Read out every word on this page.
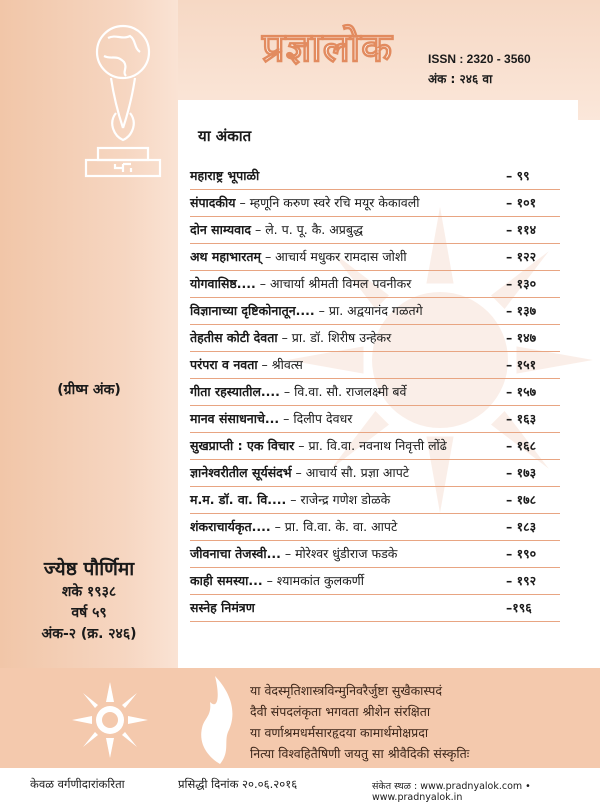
प्रज्ञालोक	ISSN : 2320 - 3560
अंक : २४६ वा
या अंकात
महाराष्ट्र भूपाळी	– ९९
संपादकीय – म्हणूनि करुण स्वरे रचि मयूर केकावली	– १०१
दोन साम्यवाद – ले. प. पू. कै. अप्रबुद्ध	– ११४
अथ महाभारतम् – आचार्य मधुकर रामदास जोशी	– १२२
योगवासिष्ठ.... – आचार्या श्रीमती विमल पवनीकर	– १३०
विज्ञानाच्या दृष्टिकोनातून.... – प्रा. अद्वयानंद गळतगे	– १३७
तेहतीस कोटी देवता – प्रा. डॉ. शिरीष उन्हेकर	– १४७
परंपरा व नवता – श्रीवत्स	– १५१
गीता रहस्यातील.... – वि.वा. सौ. राजलक्ष्मी बर्वे	– १५७
मानव संसाधनाचे... – दिलीप देवधर	– १६३
सुखप्राप्ती : एक विचार – प्रा. वि.वा. नवनाथ निवृत्ती लोंढे	– १६८
ज्ञानेश्वरीतील सूर्यसंदर्भ – आचार्य सौ. प्रज्ञा आपटे	– १७३
म.म. डॉ. वा. वि.... – राजेन्द्र गणेश डोळके	– १७८
शंकराचार्यकृत.... – प्रा. वि.वा. के. वा. आपटे	– १८३
जीवनाचा तेजस्वी... – मोरेश्वर धुंडीराज फडके	– १९०
काही समस्या... – श्यामकांत कुलकर्णी	– १९२
सस्नेह निमंत्रण	–१९६
(ग्रीष्म अंक)
ज्येष्ठ पौर्णिमा
शके १९३८
वर्ष ५९
अंक-२ (क्र. २४६)
या वेदस्मृतिशास्त्रविन्मुनिवरैर्जुष्टा सुखैकास्पदं
दैवी संपदलंकृता भगवता श्रीशेन संरक्षिता
या वर्णाश्रमधर्मसारहृदया कामार्थमोक्षप्रदा
नित्या विश्वहितैषिणी जयतु सा श्रीवैदिकी संस्कृतिः
केवळ वर्गणीदारांकरिता	प्रसिद्धी दिनांक २०.०६.२०१६	संकेत स्थळ : www.pradnyalok.com • www.pradnyalok.in
